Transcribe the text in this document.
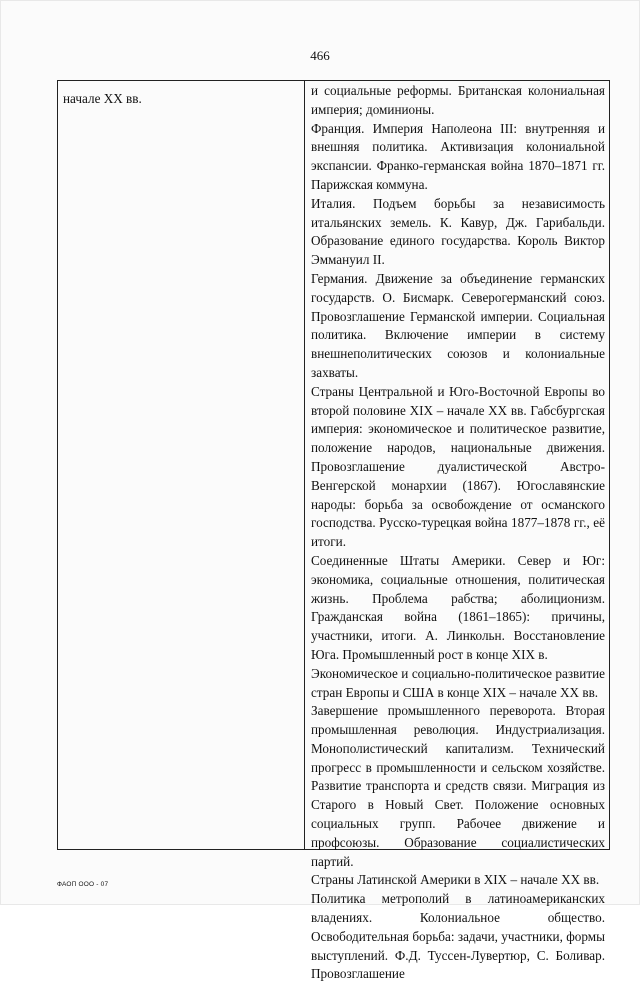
466
начале XX вв.

и социальные реформы. Британская колониальная империя; доминионы.

Франция. Империя Наполеона III: внутренняя и внешняя политика. Активизация колониальной экспансии. Франко-германская война 1870–1871 гг. Парижская коммуна.

Италия. Подъем борьбы за независимость итальянских земель. К. Кавур, Дж. Гарибальди. Образование единого государства. Король Виктор Эммануил II.

Германия. Движение за объединение германских государств. О. Бисмарк. Северогерманский союз. Провозглашение Германской империи. Социальная политика. Включение империи в систему внешнеполитических союзов и колониальные захваты.

Страны Центральной и Юго-Восточной Европы во второй половине XIX – начале XX вв. Габсбургская империя: экономическое и политическое развитие, положение народов, национальные движения. Провозглашение дуалистической Австро-Венгерской монархии (1867). Югославянские народы: борьба за освобождение от османского господства. Русско-турецкая война 1877–1878 гг., её итоги.

Соединенные Штаты Америки. Север и Юг: экономика, социальные отношения, политическая жизнь. Проблема рабства; аболиционизм. Гражданская война (1861–1865): причины, участники, итоги. А. Линкольн. Восстановление Юга. Промышленный рост в конце XIX в.

Экономическое и социально-политическое развитие стран Европы и США в конце XIX – начале XX вв.

Завершение промышленного переворота. Вторая промышленная революция. Индустриализация. Монополистический капитализм. Технический прогресс в промышленности и сельском хозяйстве. Развитие транспорта и средств связи. Миграция из Старого в Новый Свет. Положение основных социальных групп. Рабочее движение и профсоюзы. Образование социалистических партий.

Страны Латинской Америки в XIX – начале XX вв.

Политика метрополий в латиноамериканских владениях. Колониальное общество. Освободительная борьба: задачи, участники, формы выступлений. Ф.Д. Туссен-Лувертюр, С. Боливар. Провозглашение

ФАОП ООО - 07
